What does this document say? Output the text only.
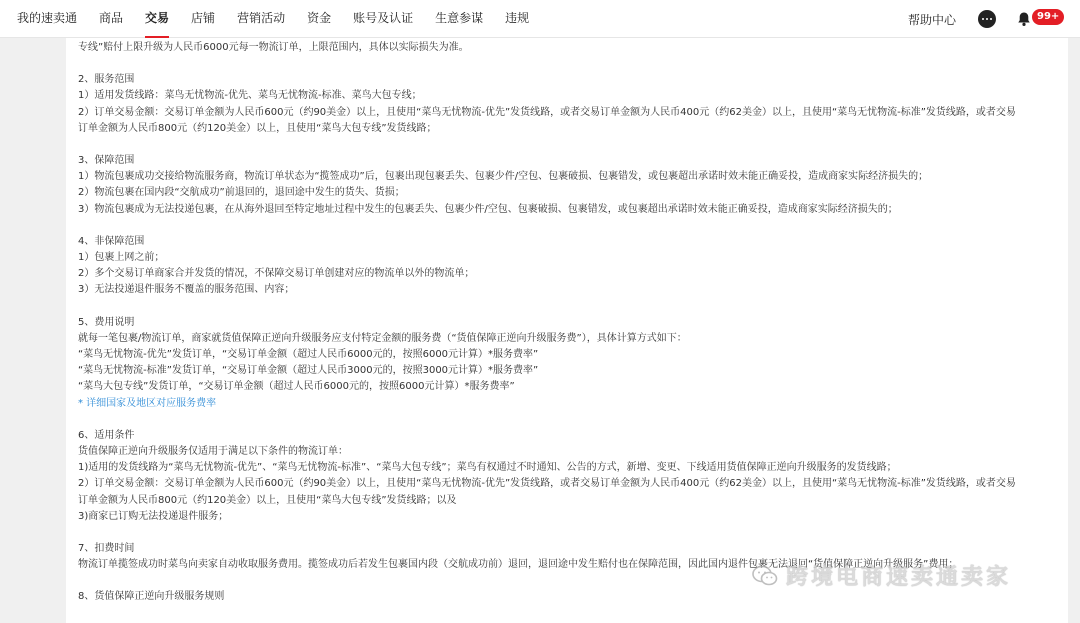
我的速卖通 商品 交易 店铺 营销活动 资金 账号及认证 生意参谋 违规	帮助中心	99+

专线”赔付上限升级为人民币6000元每一物流订单，上限范围内，具体以实际损失为准。

2、服务范围

1）适用发货线路：菜鸟无忧物流-优先、菜鸟无忧物流-标准、菜鸟大包专线；

2）订单交易金额：交易订单金额为人民币600元（约90美金）以上，且使用“菜鸟无忧物流-优先”发货线路，或者交易订单金额为人民币400元（约62美金）以上，且使用“菜鸟无忧物流-标准”发货线路，或者交易

订单金额为人民币800元（约120美金）以上，且使用“菜鸟大包专线”发货线路；

3、保障范围

1）物流包裹成功交接给物流服务商，物流订单状态为“揽签成功”后，包裹出现包裹丢失、包裹少件/空包、包裹破损、包裹错发，或包裹超出承诺时效未能正确妥投，造成商家实际经济损失的；

2）物流包裹在国内段“交航成功”前退回的，退回途中发生的货失、货损；

3）物流包裹成为无法投递包裹，在从海外退回至特定地址过程中发生的包裹丢失、包裹少件/空包、包裹破损、包裹错发，或包裹超出承诺时效未能正确妥投，造成商家实际经济损失的；

4、非保障范围

1）包裹上网之前；

2）多个交易订单商家合并发货的情况，不保障交易订单创建对应的物流单以外的物流单；

3）无法投递退件服务不覆盖的服务范围、内容；

5、费用说明

就每一笔包裹/物流订单，商家就货值保障正逆向升级服务应支付特定金额的服务费（“货值保障正逆向升级服务费”），具体计算方式如下：

“菜鸟无忧物流-优先”发货订单，“交易订单金额（超过人民币6000元的，按照6000元计算）*服务费率”

“菜鸟无忧物流-标准”发货订单，“交易订单金额（超过人民币3000元的，按照3000元计算）*服务费率”

“菜鸟大包专线”发货订单，“交易订单金额（超过人民币6000元的，按照6000元计算）*服务费率”

* 详细国家及地区对应服务费率

6、适用条件

货值保障正逆向升级服务仅适用于满足以下条件的物流订单：

1)适用的发货线路为“菜鸟无忧物流-优先”、“菜鸟无忧物流-标准”、“菜鸟大包专线”；菜鸟有权通过不时通知、公告的方式，新增、变更、下线适用货值保障正逆向升级服务的发货线路；

2）订单交易金额：交易订单金额为人民币600元（约90美金）以上，且使用“菜鸟无忧物流-优先”发货线路，或者交易订单金额为人民币400元（约62美金）以上，且使用“菜鸟无忧物流-标准”发货线路，或者交易

订单金额为人民币800元（约120美金）以上，且使用“菜鸟大包专线”发货线路；以及

3)商家已订购无法投递退件服务；

7、扣费时间

物流订单揽签成功时菜鸟向卖家自动收取服务费用。揽签成功后若发生包裹国内段（交航成功前）退回，退回途中发生赔付也在保障范围，因此国内退件包裹无法退回“货值保障正逆向升级服务”费用；

8、货值保障正逆向升级服务规则

跨境电商速卖通卖家
